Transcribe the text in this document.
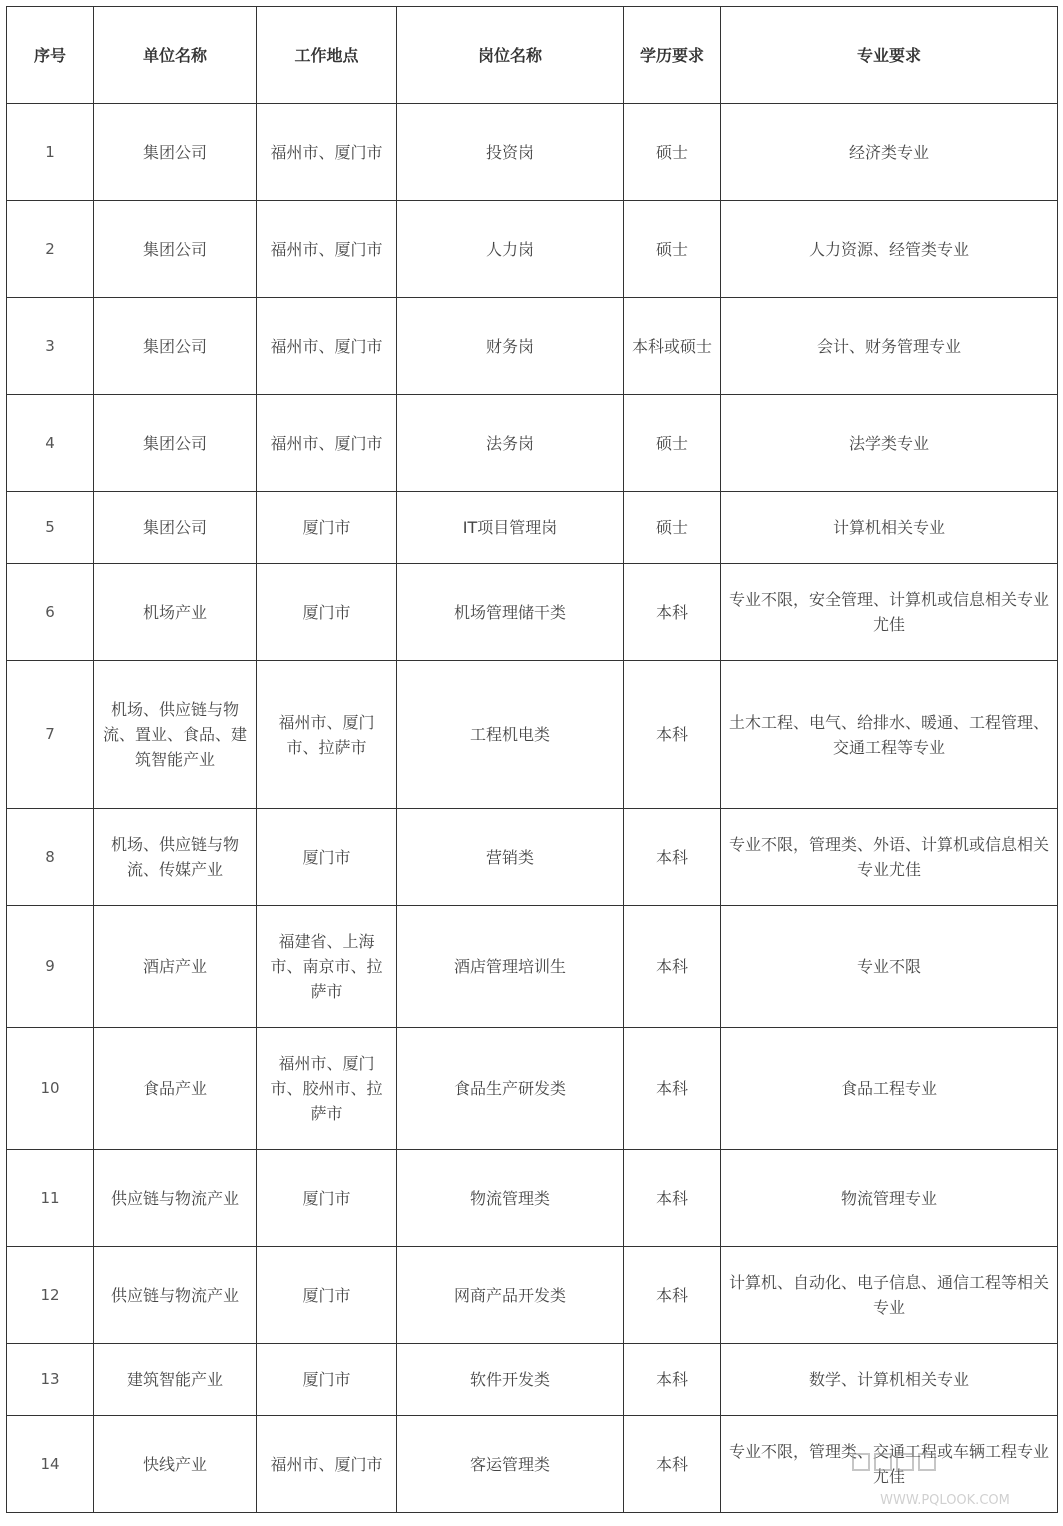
序号	单位名称	工作地点	岗位名称	学历要求	专业要求
1	集团公司	福州市、厦门市	投资岗	硕士	经济类专业
2	集团公司	福州市、厦门市	人力岗	硕士	人力资源、经管类专业
3	集团公司	福州市、厦门市	财务岗	本科或硕士	会计、财务管理专业
4	集团公司	福州市、厦门市	法务岗	硕士	法学类专业
5	集团公司	厦门市	IT项目管理岗	硕士	计算机相关专业
6	机场产业	厦门市	机场管理储干类	本科	专业不限，安全管理、计算机或信息相关专业尤佳
7	机场、供应链与物流、置业、食品、建筑智能产业	福州市、厦门市、拉萨市	工程机电类	本科	土木工程、电气、给排水、暖通、工程管理、交通工程等专业
8	机场、供应链与物流、传媒产业	厦门市	营销类	本科	专业不限，管理类、外语、计算机或信息相关专业尤佳
9	酒店产业	福建省、上海市、南京市、拉萨市	酒店管理培训生	本科	专业不限
10	食品产业	福州市、厦门市、胶州市、拉萨市	食品生产研发类	本科	食品工程专业
11	供应链与物流产业	厦门市	物流管理类	本科	物流管理专业
12	供应链与物流产业	厦门市	网商产品开发类	本科	计算机、自动化、电子信息、通信工程等相关专业
13	建筑智能产业	厦门市	软件开发类	本科	数学、计算机相关专业
14	快线产业	福州市、厦门市	客运管理类	本科	专业不限，管理类、交通工程或车辆工程专业尤佳
WWW.PQLOOK.COM
